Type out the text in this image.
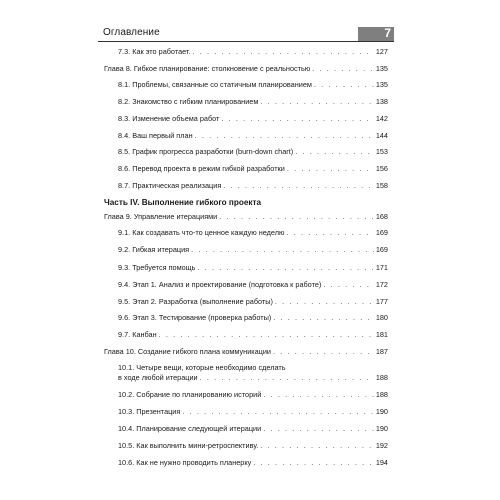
Оглавление	7
7.3. Как это работает. . . .	127
Глава 8. Гибкое планирование: столкновение с реальностью . . .	135
8.1. Проблемы, связанные со статичным планированием . . .	135
8.2. Знакомство с гибким планированием . . .	138
8.3. Изменение объема работ . . .	142
8.4. Ваш первый план . . .	144
8.5. График прогресса разработки (burn-down chart) . . .	153
8.6. Перевод проекта в режим гибкой разработки . . .	156
8.7. Практическая реализация . . .	158
Часть IV. Выполнение гибкого проекта
Глава 9. Управление итерациями . . .	168
9.1. Как создавать что-то ценное каждую неделю . . .	169
9.2. Гибкая итерация . . .	169
9.3. Требуется помощь . . .	171
9.4. Этап 1. Анализ и проектирование (подготовка к работе) . . .	172
9.5. Этап 2. Разработка (выполнение работы) . . .	177
9.6. Этап 3. Тестирование (проверка работы) . . .	180
9.7. Канбан . . .	181
Глава 10. Создание гибкого плана коммуникации . . .	187
10.1. Четыре вещи, которые необходимо сделать
в ходе любой итерации . . .	188
10.2. Собрание по планированию историй . . .	188
10.3. Презентация . . .	190
10.4. Планирование следующей итерации . . .	190
10.5. Как выполнить мини-ретроспективу. . . .	192
10.6. Как не нужно проводить планерку . . .	194
